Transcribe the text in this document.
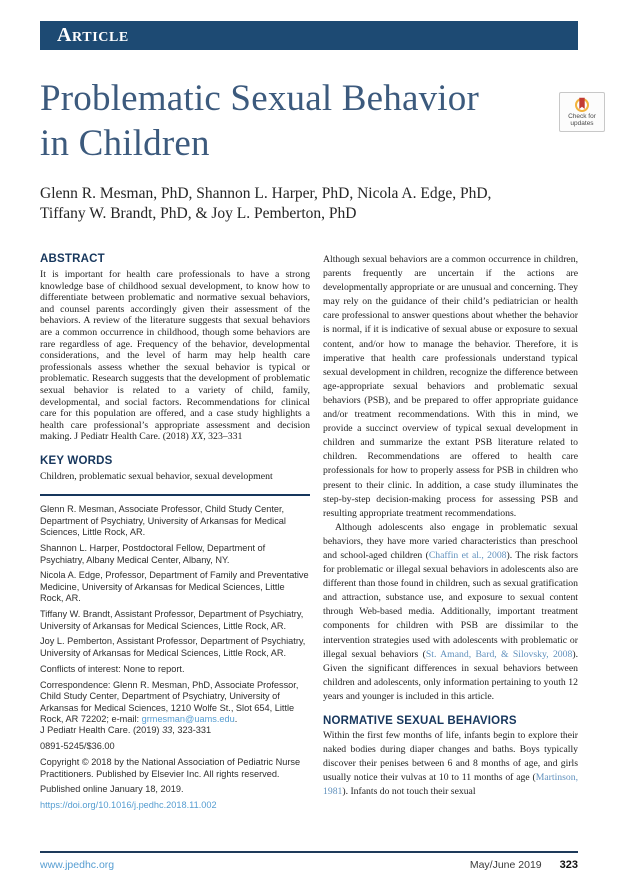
Article
Check for
updates
Problematic Sexual Behavior
in Children

Glenn R. Mesman, PhD, Shannon L. Harper, PhD, Nicola A. Edge, PhD,
Tiffany W. Brandt, PhD, & Joy L. Pemberton, PhD

ABSTRACT

It is important for health care professionals to have a strong knowledge base of childhood sexual development, to know how to differentiate between problematic and normative sexual behaviors, and counsel parents accordingly given their assessment of the behaviors. A review of the literature suggests that sexual behaviors are a common occurrence in childhood, though some behaviors are rare regardless of age. Frequency of the behavior, developmental considerations, and the level of harm may help health care professionals assess whether the sexual behavior is typical or problematic. Research suggests that the development of problematic sexual behavior is related to a variety of child, family, developmental, and social factors. Recommendations for clinical care for this population are offered, and a case study highlights a health care professional’s appropriate assessment and decision making. J Pediatr Health Care. (2018) XX, 323–331

KEY WORDS

Children, problematic sexual behavior, sexual development

Glenn R. Mesman, Associate Professor, Child Study Center, Department of Psychiatry, University of Arkansas for Medical Sciences, Little Rock, AR.

Shannon L. Harper, Postdoctoral Fellow, Department of Psychiatry, Albany Medical Center, Albany, NY.

Nicola A. Edge, Professor, Department of Family and Preventative Medicine, University of Arkansas for Medical Sciences, Little Rock, AR.

Tiffany W. Brandt, Assistant Professor, Department of Psychiatry, University of Arkansas for Medical Sciences, Little Rock, AR.

Joy L. Pemberton, Assistant Professor, Department of Psychiatry, University of Arkansas for Medical Sciences, Little Rock, AR.

Conflicts of interest: None to report.

Correspondence: Glenn R. Mesman, PhD, Associate Professor, Child Study Center, Department of Psychiatry, University of Arkansas for Medical Sciences, 1210 Wolfe St., Slot 654, Little Rock, AR 72202; e-mail: grmesman@uams.edu.
J Pediatr Health Care. (2019) 33, 323-331

0891-5245/$36.00

Copyright © 2018 by the National Association of Pediatric Nurse Practitioners. Published by Elsevier Inc. All rights reserved.

Published online January 18, 2019.

https://doi.org/10.1016/j.pedhc.2018.11.002

Although sexual behaviors are a common occurrence in children, parents frequently are uncertain if the actions are developmentally appropriate or are unusual and concerning. They may rely on the guidance of their child’s pediatrician or health care professional to answer questions about whether the behavior is normal, if it is indicative of sexual abuse or exposure to sexual content, and/or how to manage the behavior. Therefore, it is imperative that health care professionals understand typical sexual development in children, recognize the difference between age-appropriate sexual behaviors and problematic sexual behaviors (PSB), and be prepared to offer appropriate guidance and/or treatment recommendations. With this in mind, we provide a succinct overview of typical sexual development in children and summarize the extant PSB literature related to children. Recommendations are offered to health care professionals for how to properly assess for PSB in children who present to their clinic. In addition, a case study illuminates the step-by-step decision-making process for assessing PSB and resulting appropriate treatment recommendations.

Although adolescents also engage in problematic sexual behaviors, they have more varied characteristics than preschool and school-aged children (Chaffin et al., 2008). The risk factors for problematic or illegal sexual behaviors in adolescents also are different than those found in children, such as sexual gratification and attraction, substance use, and exposure to sexual content through Web-based media. Additionally, important treatment components for children with PSB are dissimilar to the intervention strategies used with adolescents with problematic or illegal sexual behaviors (St. Amand, Bard, & Silovsky, 2008). Given the significant differences in sexual behaviors between children and adolescents, only information pertaining to youth 12 years and younger is included in this article.

NORMATIVE SEXUAL BEHAVIORS

Within the first few months of life, infants begin to explore their naked bodies during diaper changes and baths. Boys typically discover their penises between 6 and 8 months of age, and girls usually notice their vulvas at 10 to 11 months of age (Martinson, 1981). Infants do not touch their sexual

www.jpedhc.org	May/June 2019 323
